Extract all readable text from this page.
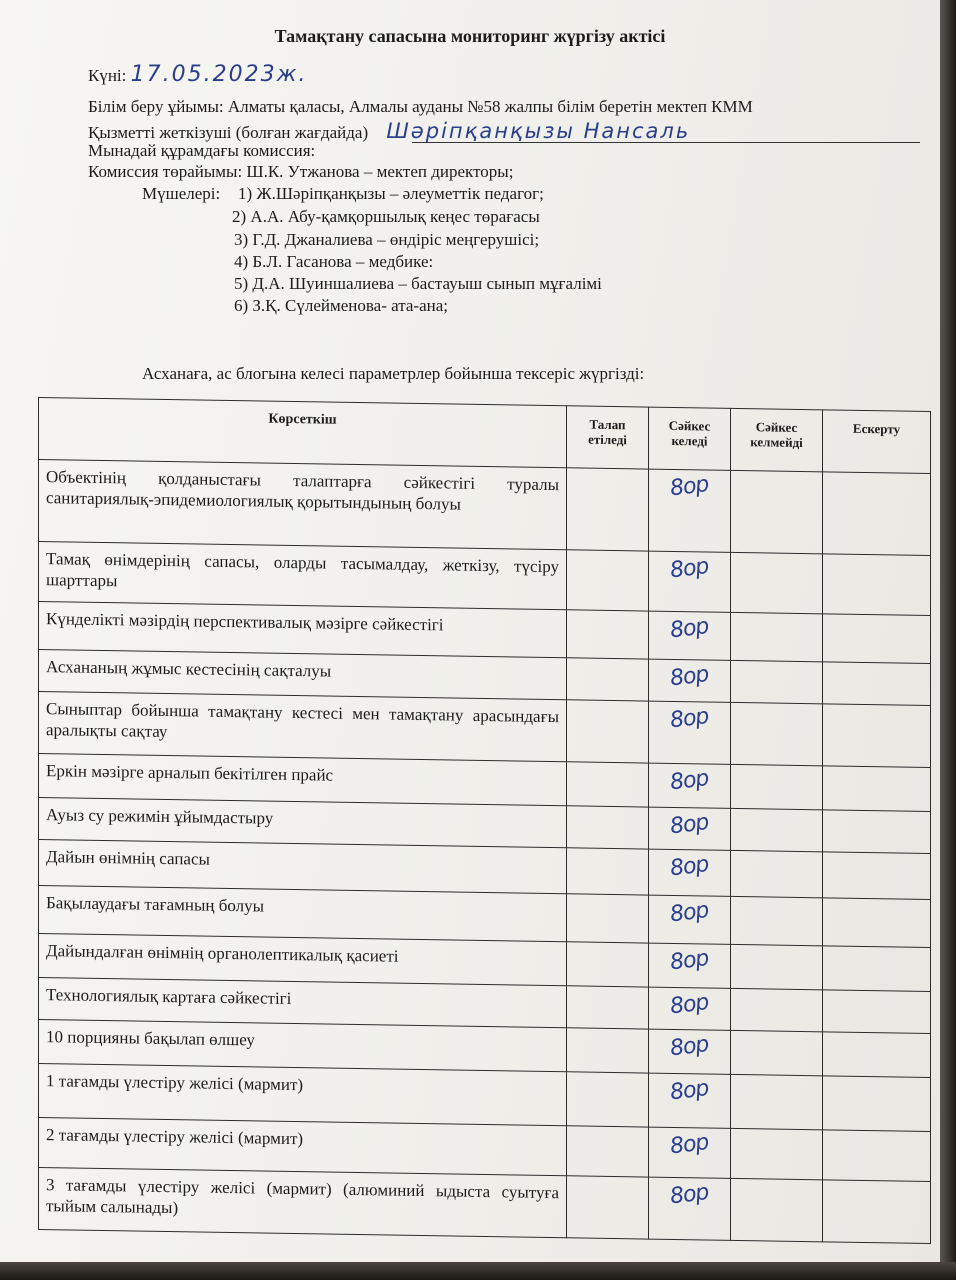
Тамақтану сапасына мониторинг жүргізу актісі
Күні: 17.05.2023ж.
Білім беру ұйымы: Алматы қаласы, Алмалы ауданы №58 жалпы білім беретін мектеп КММ
Қызметті жеткізуші (болған жағдайда) Шәріпқанқызы Нансаль
Мынадай құрамдағы комиссия:
Комиссия төрайымы: Ш.К. Утжанова – мектеп директоры;
Мүшелері: 1) Ж.Шәріпқанқызы – әлеуметтік педагог;
2) А.А. Абу-қамқоршылық кеңес төрағасы
3) Г.Д. Джаналиева – өндіріс меңгерушісі;
4) Б.Л. Гасанова – медбике:
5) Д.А. Шуиншалиева – бастауыш сынып мұғалімі
6) З.Қ. Сүлейменова- ата-ана;
Асханаға, ас блогына келесі параметрлер бойынша тексеріс жүргізді:
Көрсеткіш	Талап етіледі	Сәйкес келеді	Сәйкес келмейді	Ескерту
Объектінің қолданыстағы талаптарға сәйкестігі туралы санитариялық-эпидемиологиялық қорытындының болуы		8ор		
Тамақ өнімдерінің сапасы, оларды тасымалдау, жеткізу, түсіру шарттары		8ор		
Күнделікті мәзірдің перспективалық мәзірге сәйкестігі		8ор		
Асхананың жұмыс кестесінің сақталуы		8ор		
Сыныптар бойынша тамақтану кестесі мен тамақтану арасындағы аралықты сақтау		8ор		
Еркін мәзірге арналып бекітілген прайс		8ор		
Ауыз су режимін ұйымдастыру		8ор		
Дайын өнімнің сапасы		8ор		
Бақылаудағы тағамның болуы		8ор		
Дайындалған өнімнің органолептикалық қасиеті		8ор		
Технологиялық картаға сәйкестігі		8ор		
10 порцияны бақылап өлшеу		8ор		
1 тағамды үлестіру желісі (мармит)		8ор		
2 тағамды үлестіру желісі (мармит)		8ор		
3 тағамды үлестіру желісі (мармит) (алюминий ыдыста суытуға тыйым салынады)		8ор		
